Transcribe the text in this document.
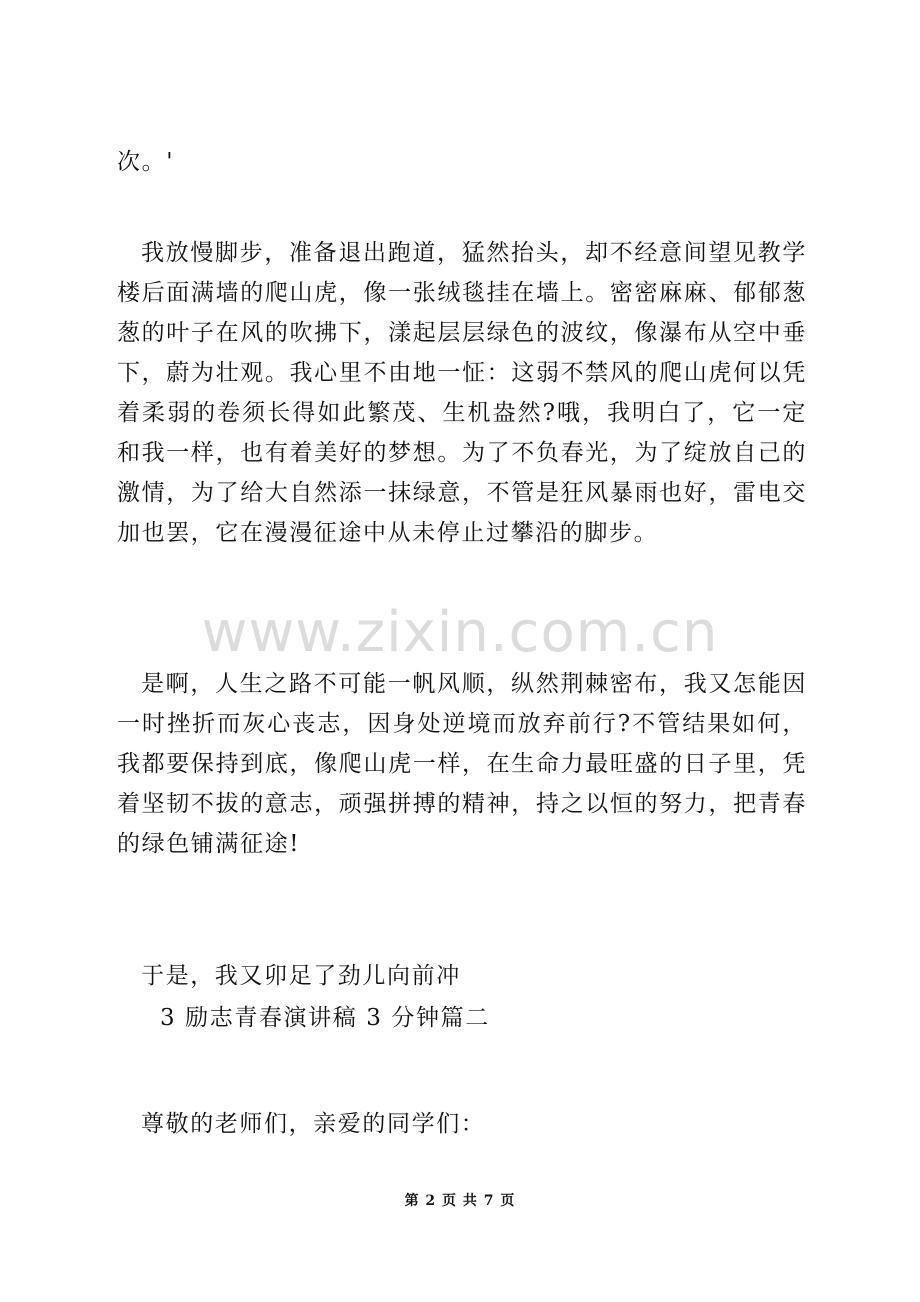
www.zixin.com.cn

次。'

我放慢脚步，准备退出跑道，猛然抬头，却不经意间望见教学楼后面满墙的爬山虎，像一张绒毯挂在墙上。密密麻麻、郁郁葱葱的叶子在风的吹拂下，漾起层层绿色的波纹，像瀑布从空中垂下，蔚为壮观。我心里不由地一怔：这弱不禁风的爬山虎何以凭着柔弱的卷须长得如此繁茂、生机盎然?哦，我明白了，它一定和我一样，也有着美好的梦想。为了不负春光，为了绽放自己的激情，为了给大自然添一抹绿意，不管是狂风暴雨也好，雷电交加也罢，它在漫漫征途中从未停止过攀沿的脚步。

是啊，人生之路不可能一帆风顺，纵然荆棘密布，我又怎能因一时挫折而灰心丧志，因身处逆境而放弃前行?不管结果如何，我都要保持到底，像爬山虎一样，在生命力最旺盛的日子里，凭着坚韧不拔的意志，顽强拼搏的精神，持之以恒的努力，把青春的绿色铺满征途!

于是，我又卯足了劲儿向前冲

3 励志青春演讲稿 3 分钟篇二

尊敬的老师们，亲爱的同学们：

第 2 页 共 7 页
